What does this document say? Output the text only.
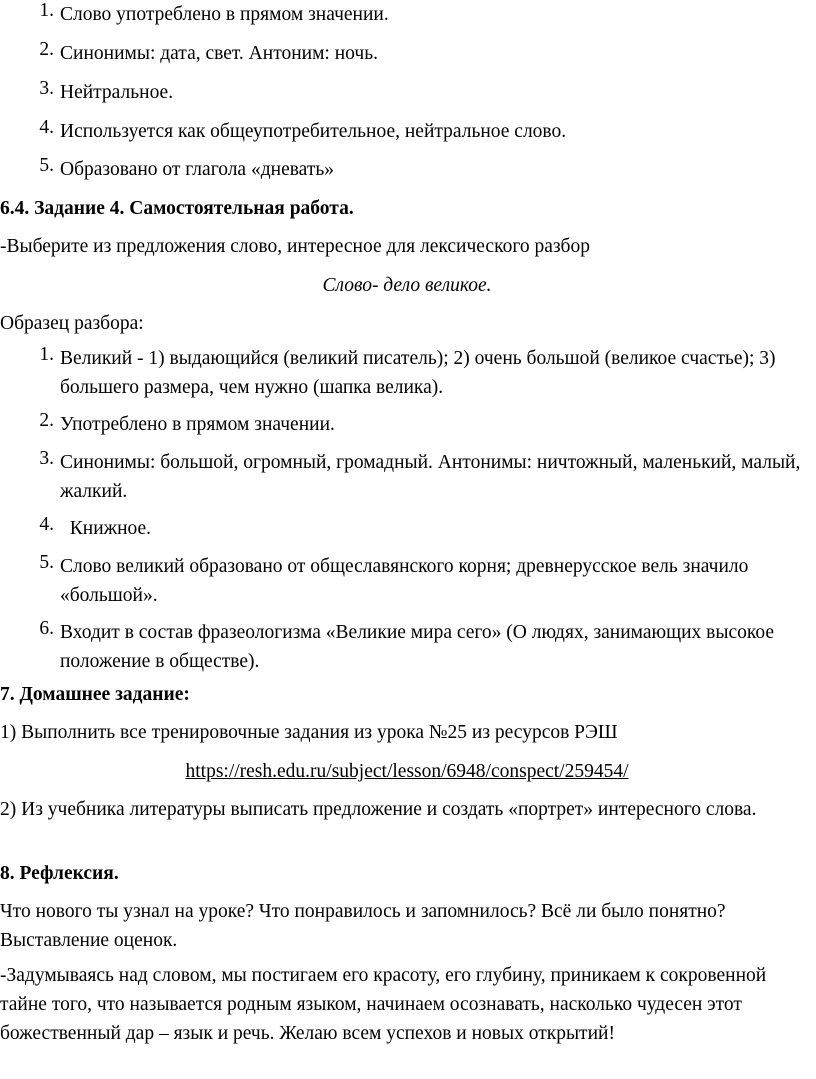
1. Слово употреблено в прямом значении.
2. Синонимы: дата, свет. Антоним: ночь.
3. Нейтральное.
4. Используется как общеупотребительное, нейтральное слово.
5. Образовано от глагола «дневать»
6.4. Задание 4. Самостоятельная работа.
-Выберите из предложения слово, интересное для лексического разбор
Слово- дело великое.
Образец разбора:
1. Великий - 1) выдающийся (великий писатель); 2) очень большой (великое счастье); 3) большего размера, чем нужно (шапка велика).
2. Употреблено в прямом значении.
3. Синонимы: большой, огромный, громадный. Антонимы: ничтожный, маленький, малый, жалкий.
4. Книжное.
5. Слово великий образовано от общеславянского корня; древнерусское вель значило «большой».
6. Входит в состав фразеологизма «Великие мира сего» (О людях, занимающих высокое положение в обществе).
7. Домашнее задание:
1) Выполнить все тренировочные задания из урока №25 из ресурсов РЭШ
https://resh.edu.ru/subject/lesson/6948/conspect/259454/
2) Из учебника литературы выписать предложение и создать «портрет» интересного слова.
8. Рефлексия.
Что нового ты узнал на уроке? Что понравилось и запомнилось? Всё ли было понятно? Выставление оценок.
-Задумываясь над словом, мы постигаем его красоту, его глубину, приникаем к сокровенной тайне того, что называется родным языком, начинаем осознавать, насколько чудесен этот божественный дар – язык и речь. Желаю всем успехов и новых открытий!
